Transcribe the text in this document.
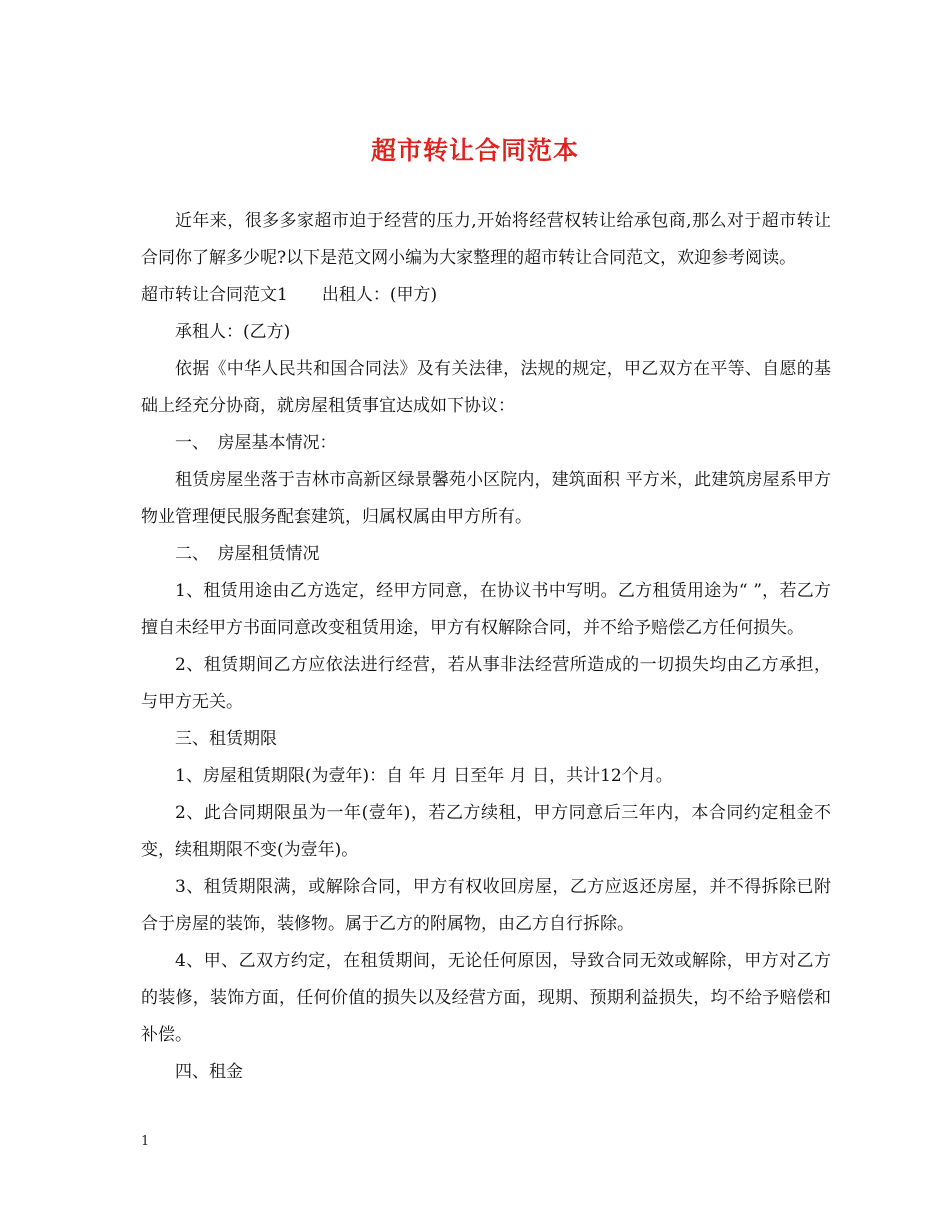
超市转让合同范本

近年来，很多多家超市迫于经营的压力,开始将经营权转让给承包商,那么对于超市转让合同你了解多少呢?以下是范文网小编为大家整理的超市转让合同范文，欢迎参考阅读。

超市转让合同范文1　　出租人：(甲方)

承租人：(乙方)

依据《中华人民共和国合同法》及有关法律，法规的规定，甲乙双方在平等、自愿的基础上经充分协商，就房屋租赁事宜达成如下协议：

一、　房屋基本情况：

租赁房屋坐落于吉林市高新区绿景馨苑小区院内，建筑面积 平方米，此建筑房屋系甲方物业管理便民服务配套建筑，归属权属由甲方所有。

二、　房屋租赁情况

1、租赁用途由乙方选定，经甲方同意，在协议书中写明。乙方租赁用途为“ ”，若乙方擅自未经甲方书面同意改变租赁用途，甲方有权解除合同，并不给予赔偿乙方任何损失。

2、租赁期间乙方应依法进行经营，若从事非法经营所造成的一切损失均由乙方承担，与甲方无关。

三、租赁期限

1、房屋租赁期限(为壹年)：自 年 月 日至年 月 日，共计12个月。

2、此合同期限虽为一年(壹年)，若乙方续租，甲方同意后三年内，本合同约定租金不变，续租期限不变(为壹年)。

3、租赁期限满，或解除合同，甲方有权收回房屋，乙方应返还房屋，并不得拆除已附合于房屋的装饰，装修物。属于乙方的附属物，由乙方自行拆除。

4、甲、乙双方约定，在租赁期间，无论任何原因，导致合同无效或解除，甲方对乙方的装修，装饰方面，任何价值的损失以及经营方面，现期、预期利益损失，均不给予赔偿和补偿。

四、租金

1
